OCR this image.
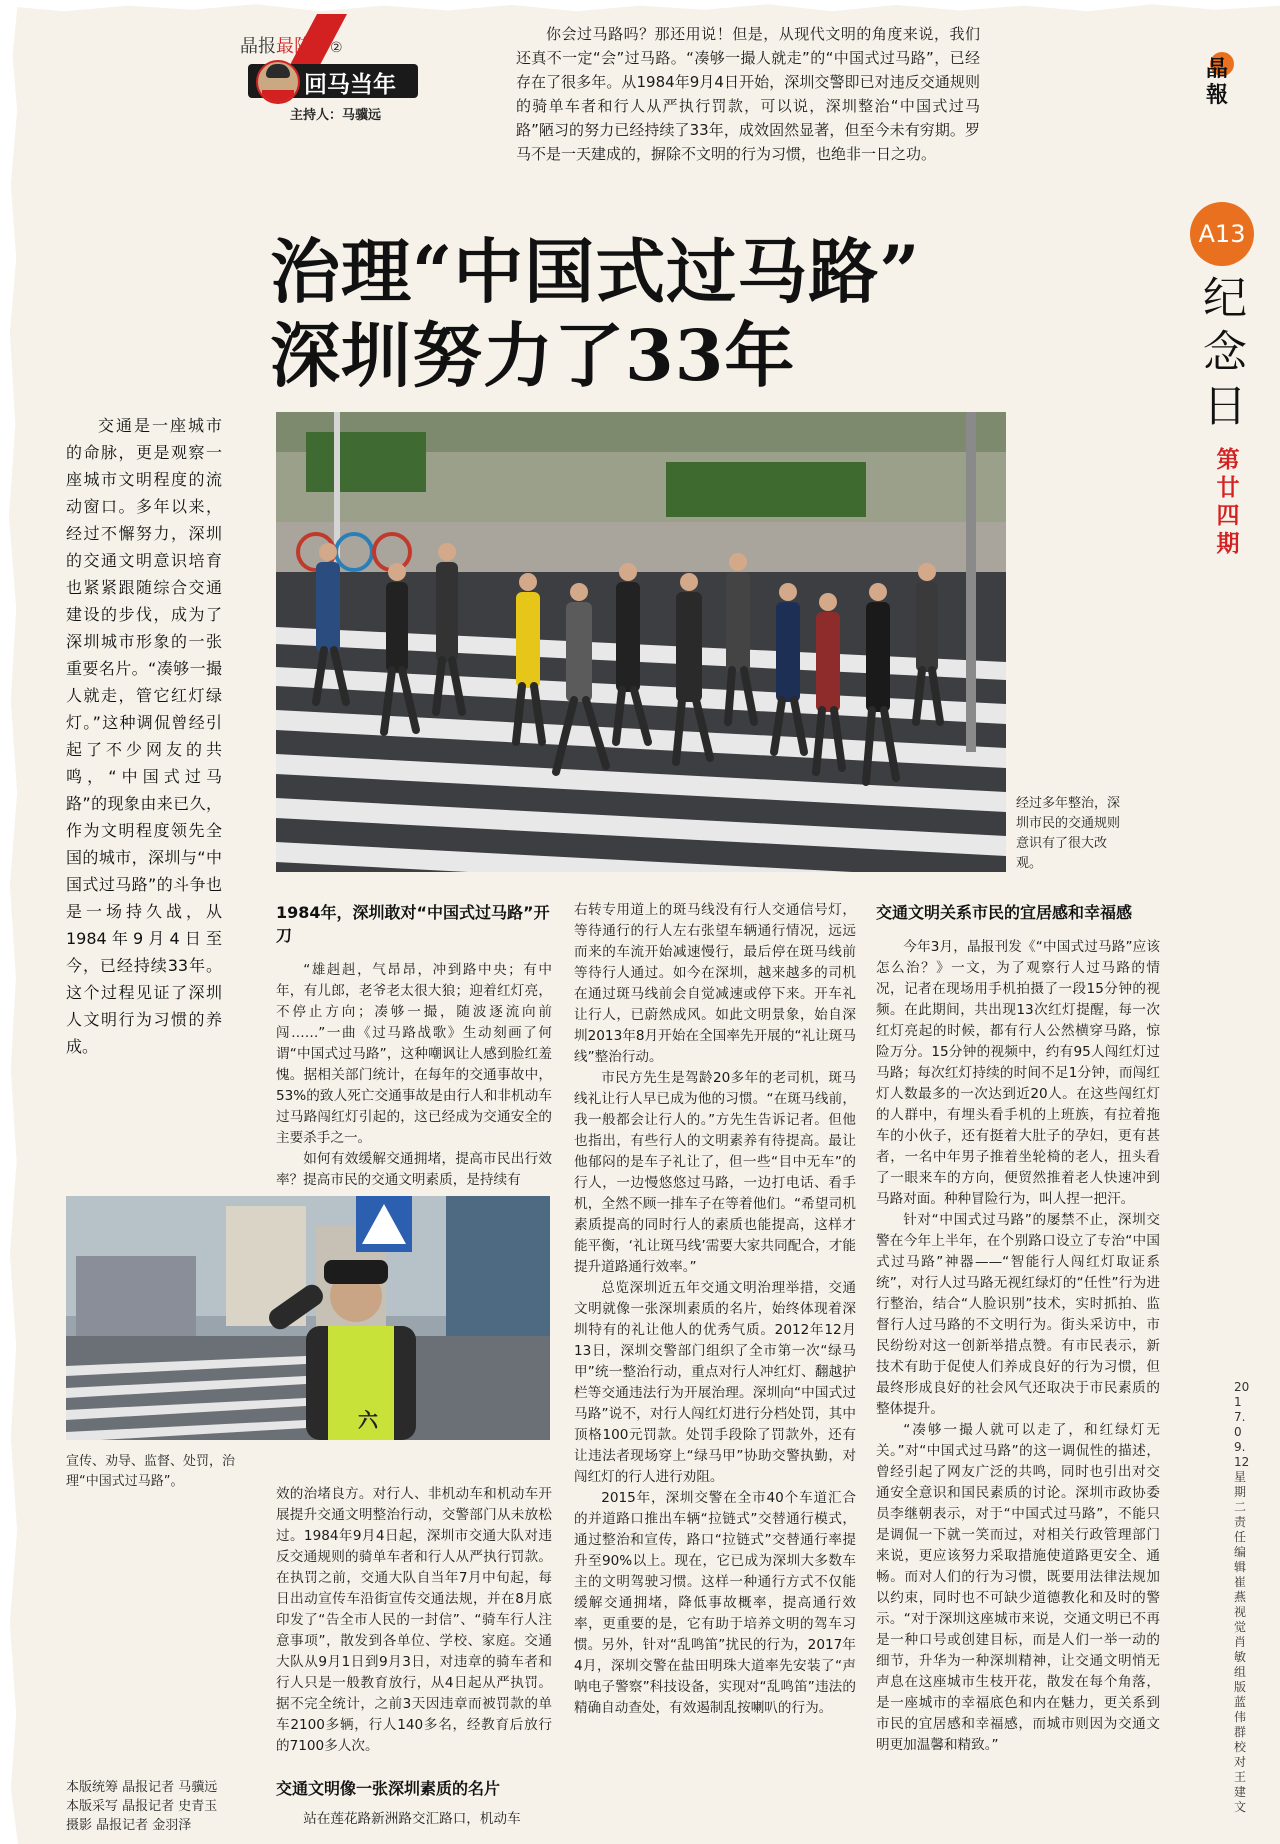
晶报最阵容②
回马当年
主持人：马骥远

你会过马路吗？那还用说！但是，从现代文明的角度来说，我们还真不一定“会”过马路。“凑够一撮人就走”的“中国式过马路”，已经存在了很多年。从1984年9月4日开始，深圳交警即已对违反交通规则的骑单车者和行人从严执行罚款，可以说，深圳整治“中国式过马路”陋习的努力已经持续了33年，成效固然显著，但至今未有穷期。罗马不是一天建成的，摒除不文明的行为习惯，也绝非一日之功。

晶報
A13
纪念日
第廿四期
治理“中国式过马路”
深圳努力了33年

交通是一座城市的命脉，更是观察一座城市文明程度的流动窗口。多年以来，经过不懈努力，深圳的交通文明意识培育也紧紧跟随综合交通建设的步伐，成为了深圳城市形象的一张重要名片。“凑够一撮人就走，管它红灯绿灯。”这种调侃曾经引起了不少网友的共鸣，“中国式过马路”的现象由来已久，作为文明程度领先全国的城市，深圳与“中国式过马路”的斗争也是一场持久战，从1984年9月4日至今，已经持续33年。这个过程见证了深圳人文明行为习惯的养成。

经过多年整治，深圳市民的交通规则意识有了很大改观。
1984年，深圳敢对“中国式过马路”开刀

“雄赳赳，气昂昂，冲到路中央；有中年，有儿郎，老爷老太很大狼；迎着红灯亮，不停止方向；凑够一撮，随波逐流向前闯……”一曲《过马路战歌》生动刻画了何谓“中国式过马路”，这种嘲讽让人感到脸红羞愧。据相关部门统计，在每年的交通事故中，53%的致人死亡交通事故是由行人和非机动车过马路闯红灯引起的，这已经成为交通安全的主要杀手之一。

如何有效缓解交通拥堵，提高市民出行效率？提高市民的交通文明素质，是持续有

六
宣传、劝导、监督、处罚，治理“中国式过马路”。

效的治堵良方。对行人、非机动车和机动车开展提升交通文明整治行动，交警部门从未放松过。1984年9月4日起，深圳市交通大队对违反交通规则的骑单车者和行人从严执行罚款。在执罚之前，交通大队自当年7月中旬起，每日出动宣传车沿街宣传交通法规，并在8月底印发了“告全市人民的一封信”、“骑车行人注意事项”，散发到各单位、学校、家庭。交通大队从9月1日到9月3日，对违章的骑车者和行人只是一般教育放行，从4日起从严执罚。据不完全统计，之前3天因违章而被罚款的单车2100多辆，行人140多名，经教育后放行的7100多人次。

交通文明像一张深圳素质的名片

站在莲花路新洲路交汇路口，机动车

本版统筹 晶报记者 马骥远
本版采写 晶报记者 史青玉
摄影 晶报记者 金羽泽

右转专用道上的斑马线没有行人交通信号灯，等待通行的行人左右张望车辆通行情况，远远而来的车流开始减速慢行，最后停在斑马线前等待行人通过。如今在深圳，越来越多的司机在通过斑马线前会自觉减速或停下来。开车礼让行人，已蔚然成风。如此文明景象，始自深圳2013年8月开始在全国率先开展的“礼让斑马线”整治行动。

市民方先生是驾龄20多年的老司机，斑马线礼让行人早已成为他的习惯。“在斑马线前，我一般都会让行人的。”方先生告诉记者。但他也指出，有些行人的文明素养有待提高。最让他郁闷的是车子礼让了，但一些“目中无车”的行人，一边慢悠悠过马路，一边打电话、看手机，全然不顾一排车子在等着他们。“希望司机素质提高的同时行人的素质也能提高，这样才能平衡，‘礼让斑马线’需要大家共同配合，才能提升道路通行效率。”

总览深圳近五年交通文明治理举措，交通文明就像一张深圳素质的名片，始终体现着深圳特有的礼让他人的优秀气质。2012年12月13日，深圳交警部门组织了全市第一次“绿马甲”统一整治行动，重点对行人冲红灯、翻越护栏等交通违法行为开展治理。深圳向“中国式过马路”说不，对行人闯红灯进行分档处罚，其中顶格100元罚款。处罚手段除了罚款外，还有让违法者现场穿上“绿马甲”协助交警执勤，对闯红灯的行人进行劝阻。

2015年，深圳交警在全市40个车道汇合的并道路口推出车辆“拉链式”交替通行模式，通过整治和宣传，路口“拉链式”交替通行率提升至90%以上。现在，它已成为深圳大多数车主的文明驾驶习惯。这样一种通行方式不仅能缓解交通拥堵，降低事故概率，提高通行效率，更重要的是，它有助于培养文明的驾车习惯。另外，针对“乱鸣笛”扰民的行为，2017年4月，深圳交警在盐田明珠大道率先安装了“声呐电子警察”科技设备，实现对“乱鸣笛”违法的精确自动查处，有效遏制乱按喇叭的行为。

交通文明关系市民的宜居感和幸福感

今年3月，晶报刊发《“中国式过马路”应该怎么治？》一文，为了观察行人过马路的情况，记者在现场用手机拍摄了一段15分钟的视频。在此期间，共出现13次红灯提醒，每一次红灯亮起的时候，都有行人公然横穿马路，惊险万分。15分钟的视频中，约有95人闯红灯过马路；每次红灯持续的时间不足1分钟，而闯红灯人数最多的一次达到近20人。在这些闯红灯的人群中，有埋头看手机的上班族，有拉着拖车的小伙子，还有挺着大肚子的孕妇，更有甚者，一名中年男子推着坐轮椅的老人，扭头看了一眼来车的方向，便贸然推着老人快速冲到马路对面。种种冒险行为，叫人捏一把汗。

针对“中国式过马路”的屡禁不止，深圳交警在今年上半年，在个别路口设立了专治“中国式过马路”神器——“智能行人闯红灯取证系统”，对行人过马路无视红绿灯的“任性”行为进行整治，结合“人脸识别”技术，实时抓拍、监督行人过马路的不文明行为。街头采访中，市民纷纷对这一创新举措点赞。有市民表示，新技术有助于促使人们养成良好的行为习惯，但最终形成良好的社会风气还取决于市民素质的整体提升。

“凑够一撮人就可以走了，和红绿灯无关。”对“中国式过马路”的这一调侃性的描述，曾经引起了网友广泛的共鸣，同时也引出对交通安全意识和国民素质的讨论。深圳市政协委员李继朝表示，对于“中国式过马路”，不能只是调侃一下就一笑而过，对相关行政管理部门来说，更应该努力采取措施使道路更安全、通畅。而对人们的行为习惯，既要用法律法规加以约束，同时也不可缺少道德教化和及时的警示。“对于深圳这座城市来说，交通文明已不再是一种口号或创建目标，而是人们一举一动的细节，升华为一种深圳精神，让交通文明悄无声息在这座城市生枝开花，散发在每个角落，是一座城市的幸福底色和内在魅力，更关系到市民的宜居感和幸福感，而城市则因为交通文明更加温馨和精致。”

2017.09.12 星期二 责任编辑 崔燕 视觉 肖敏 组版 蓝伟群 校对 王建文
